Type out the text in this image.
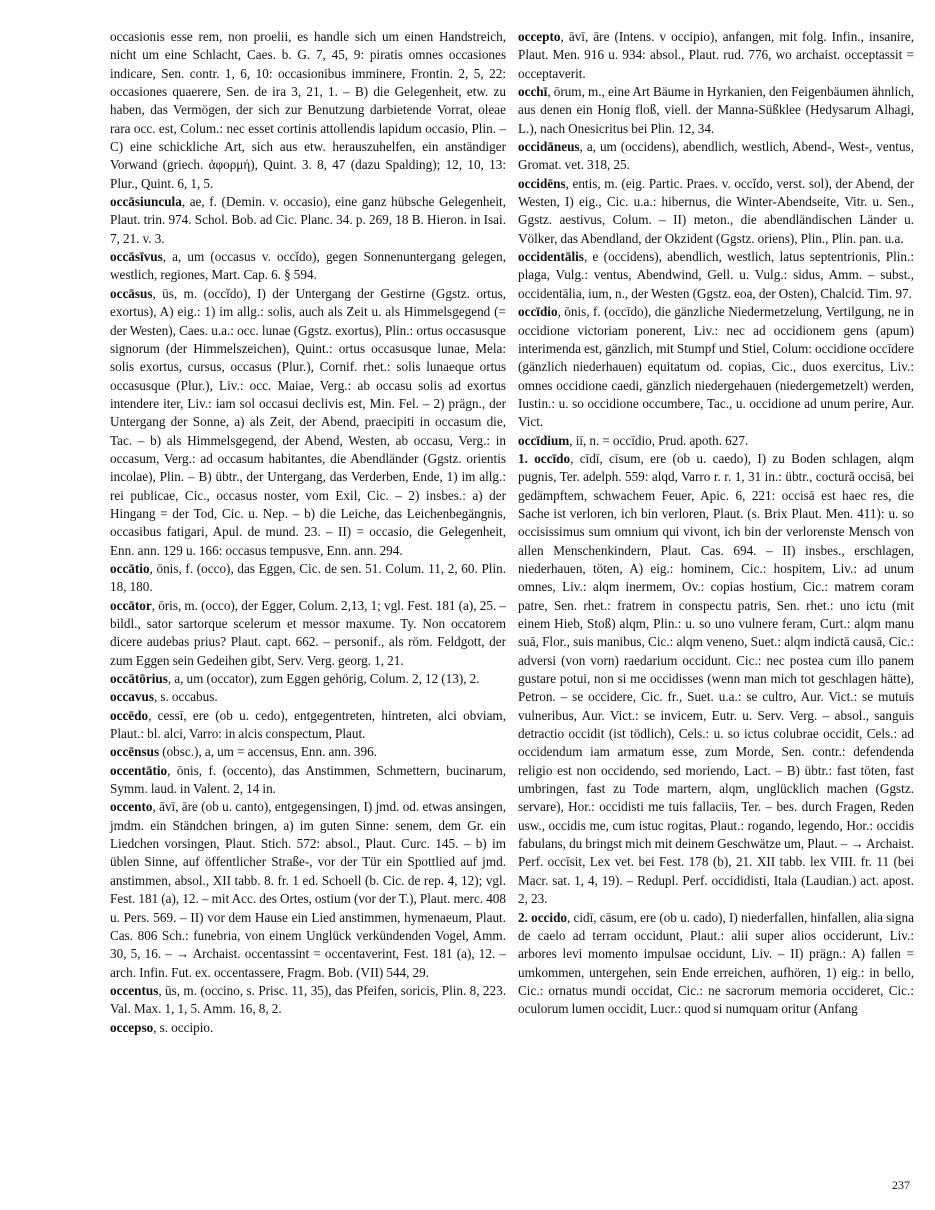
occasionis esse rem, non proelii, es handle sich um einen Handstreich, nicht um eine Schlacht, Caes. b. G. 7, 45, 9: piratis omnes occasiones indicare, Sen. contr. 1, 6, 10: occasionibus imminere, Frontin. 2, 5, 22: occasiones quaerere, Sen. de ira 3, 21, 1. – B) die Gelegenheit, etw. zu haben, das Vermögen, der sich zur Benutzung darbietende Vorrat, oleae rara occ. est, Colum.: nec esset cortinis attollendis lapidum occasio, Plin. – C) eine schickliche Art, sich aus etw. herauszuhelfen, ein anständiger Vorwand (griech. ἀφορμή), Quint. 3. 8, 47 (dazu Spalding); 12, 10, 13: Plur., Quint. 6, 1, 5.

occāsiuncula, ae, f. (Demin. v. occasio), eine ganz hübsche Gelegenheit, Plaut. trin. 974. Schol. Bob. ad Cic. Planc. 34. p. 269, 18 B. Hieron. in Isai. 7, 21. v. 3.

occāsīvus, a, um (occasus v. occĭdo), gegen Sonnenuntergang gelegen, westlich, regiones, Mart. Cap. 6. § 594.

occāsus, ūs, m. (occĭdo), I) der Untergang der Gestirne (Ggstz. ortus, exortus), A) eig.: 1) im allg.: solis, auch als Zeit u. als Himmelsgegend (= der Westen), Caes. u.a.: occ. lunae (Ggstz. exortus), Plin.: ortus occasusque signorum (der Himmelszeichen), Quint.: ortus occasusque lunae, Mela: solis exortus, cursus, occasus (Plur.), Cornif. rhet.: solis lunaeque ortus occasusque (Plur.), Liv.: occ. Maiae, Verg.: ab occasu solis ad exortus intendere iter, Liv.: iam sol occasui declivis est, Min. Fel. – 2) prägn., der Untergang der Sonne, a) als Zeit, der Abend, praecipiti in occasum die, Tac. – b) als Himmelsgegend, der Abend, Westen, ab occasu, Verg.: in occasum, Verg.: ad occasum habitantes, die Abendländer (Ggstz. orientis incolae), Plin. – B) übtr., der Untergang, das Verderben, Ende, 1) im allg.: rei publicae, Cic., occasus noster, vom Exil, Cic. – 2) insbes.: a) der Hingang = der Tod, Cic. u. Nep. – b) die Leiche, das Leichenbegängnis, occasibus fatigari, Apul. de mund. 23. – II) = occasio, die Gelegenheit, Enn. ann. 129 u. 166: occasus tempusve, Enn. ann. 294.

occātio, ōnis, f. (occo), das Eggen, Cic. de sen. 51. Colum. 11, 2, 60. Plin. 18, 180.

occātor, ōris, m. (occo), der Egger, Colum. 2,13, 1; vgl. Fest. 181 (a), 25. – bildl., sator sartorque scelerum et messor maxume. Ty. Non occatorem dicere audebas prius? Plaut. capt. 662. – personif., als röm. Feldgott, der zum Eggen sein Gedeihen gibt, Serv. Verg. georg. 1, 21.

occātōrius, a, um (occator), zum Eggen gehörig, Colum. 2, 12 (13), 2.

occavus, s. occabus.

occēdo, cessī, ere (ob u. cedo), entgegentreten, hintreten, alci obviam, Plaut.: bl. alci, Varro: in alcis conspectum, Plaut.

occēnsus (obsc.), a, um = accensus, Enn. ann. 396.

occentātio, ōnis, f. (occento), das Anstimmen, Schmettern, bucinarum, Symm. laud. in Valent. 2, 14 in.

occento, āvī, āre (ob u. canto), entgegensingen, I) jmd. od. etwas ansingen, jmdm. ein Ständchen bringen, a) im guten Sinne: senem, dem Gr. ein Liedchen vorsingen, Plaut. Stich. 572: absol., Plaut. Curc. 145. – b) im üblen Sinne, auf öffentlicher Straße-, vor der Tür ein Spottlied auf jmd. anstimmen, absol., XII tabb. 8. fr. 1 ed. Schoell (b. Cic. de rep. 4, 12); vgl. Fest. 181 (a), 12. – mit Acc. des Ortes, ostium (vor der T.), Plaut. merc. 408 u. Pers. 569. – II) vor dem Hause ein Lied anstimmen, hymenaeum, Plaut. Cas. 806 Sch.: funebria, von einem Unglück verkündenden Vogel, Amm. 30, 5, 16. – → Archaist. occentassint = occentaverint, Fest. 181 (a), 12. – arch. Infin. Fut. ex. occentassere, Fragm. Bob. (VII) 544, 29.

occentus, ūs, m. (occino, s. Prisc. 11, 35), das Pfeifen, soricis, Plin. 8, 223. Val. Max. 1, 1, 5. Amm. 16, 8, 2.

occepso, s. occipio.

occepto, āvī, āre (Intens. v occipio), anfangen, mit folg. Infin., insanire, Plaut. Men. 916 u. 934: absol., Plaut. rud. 776, wo archaist. occeptassit = occeptaverit.

occhī, ōrum, m., eine Art Bäume in Hyrkanien, den Feigenbäumen ähnlich, aus denen ein Honig floß, viell. der Manna-Süßklee (Hedysarum Alhagi, L.), nach Onesicritus bei Plin. 12, 34.

occidāneus, a, um (occidens), abendlich, westlich, Abend-, West-, ventus, Gromat. vet. 318, 25.

occidēns, entis, m. (eig. Partic. Praes. v. occĭdo, verst. sol), der Abend, der Westen, I) eig., Cic. u.a.: hibernus, die Winter-Abendseite, Vitr. u. Sen., Ggstz. aestivus, Colum. – II) meton., die abendländischen Länder u. Völker, das Abendland, der Okzident (Ggstz. oriens), Plin., Plin. pan. u.a.

occidentālis, e (occidens), abendlich, westlich, latus septentrionis, Plin.: plaga, Vulg.: ventus, Abendwind, Gell. u. Vulg.: sidus, Amm. – subst., occidentālia, ium, n., der Westen (Ggstz. eoa, der Osten), Chalcid. Tim. 97.

occīdio, ōnis, f. (occīdo), die gänzliche Niedermetzelung, Vertilgung, ne in occidione victoriam ponerent, Liv.: nec ad occidionem gens (apum) interimenda est, gänzlich, mit Stumpf und Stiel, Colum: occidione occīdere (gänzlich niederhauen) equitatum od. copias, Cic., duos exercitus, Liv.: omnes occidione caedi, gänzlich niedergehauen (niedergemetzelt) werden, Iustin.: u. so occidione occumbere, Tac., u. occidione ad unum perire, Aur. Vict.

occīdium, iī, n. = occīdio, Prud. apoth. 627.

1. occīdo, cīdī, cīsum, ere (ob u. caedo), I) zu Boden schlagen, alqm pugnis, Ter. adelph. 559: alqd, Varro r. r. 1, 31 in.: übtr., coctură occisā, bei gedämpftem, schwachem Feuer, Apic. 6, 221: occisā est haec res, die Sache ist verloren, ich bin verloren, Plaut. (s. Brix Plaut. Men. 411): u. so occisissimus sum omnium qui vivont, ich bin der verlorenste Mensch von allen Menschenkindern, Plaut. Cas. 694. – II) insbes., erschlagen, niederhauen, töten, A) eig.: hominem, Cic.: hospitem, Liv.: ad unum omnes, Liv.: alqm inermem, Ov.: copias hostium, Cic.: matrem coram patre, Sen. rhet.: fratrem in conspectu patris, Sen. rhet.: uno ictu (mit einem Hieb, Stoß) alqm, Plin.: u. so uno vulnere feram, Curt.: alqm manu suā, Flor., suis manibus, Cic.: alqm veneno, Suet.: alqm indictā causā, Cic.: adversi (von vorn) raedarium occidunt. Cic.: nec postea cum illo panem gustare potui, non si me occidisses (wenn man mich tot geschlagen hätte), Petron. – se occidere, Cic. fr., Suet. u.a.: se cultro, Aur. Vict.: se mutuis vulneribus, Aur. Vict.: se invicem, Eutr. u. Serv. Verg. – absol., sanguis detractio occidit (ist tödlich), Cels.: u. so ictus colubrae occidit, Cels.: ad occidendum iam armatum esse, zum Morde, Sen. contr.: defendenda religio est non occidendo, sed moriendo, Lact. – B) übtr.: fast töten, fast umbringen, fast zu Tode martern, alqm, unglücklich machen (Ggstz. servare), Hor.: occidisti me tuis fallaciis, Ter. – bes. durch Fragen, Reden usw., occidis me, cum istuc rogitas, Plaut.: rogando, legendo, Hor.: occidis fabulans, du bringst mich mit deinem Geschwätze um, Plaut. – → Archaist. Perf. occīsit, Lex vet. bei Fest. 178 (b), 21. XII tabb. lex VIII. fr. 11 (bei Macr. sat. 1, 4, 19). – Redupl. Perf. occididisti, Itala (Laudian.) act. apost. 2, 23.

2. occido, cidī, cāsum, ere (ob u. cado), I) niederfallen, hinfallen, alia signa de caelo ad terram occidunt, Plaut.: alii super alios occiderunt, Liv.: arbores levi momento impulsae occidunt, Liv. – II) prägn.: A) fallen = umkommen, untergehen, sein Ende erreichen, aufhören, 1) eig.: in bello, Cic.: ornatus mundi occidat, Cic.: ne sacrorum memoria occideret, Cic.: oculorum lumen occidit, Lucr.: quod si numquam oritur (Anfang

237
